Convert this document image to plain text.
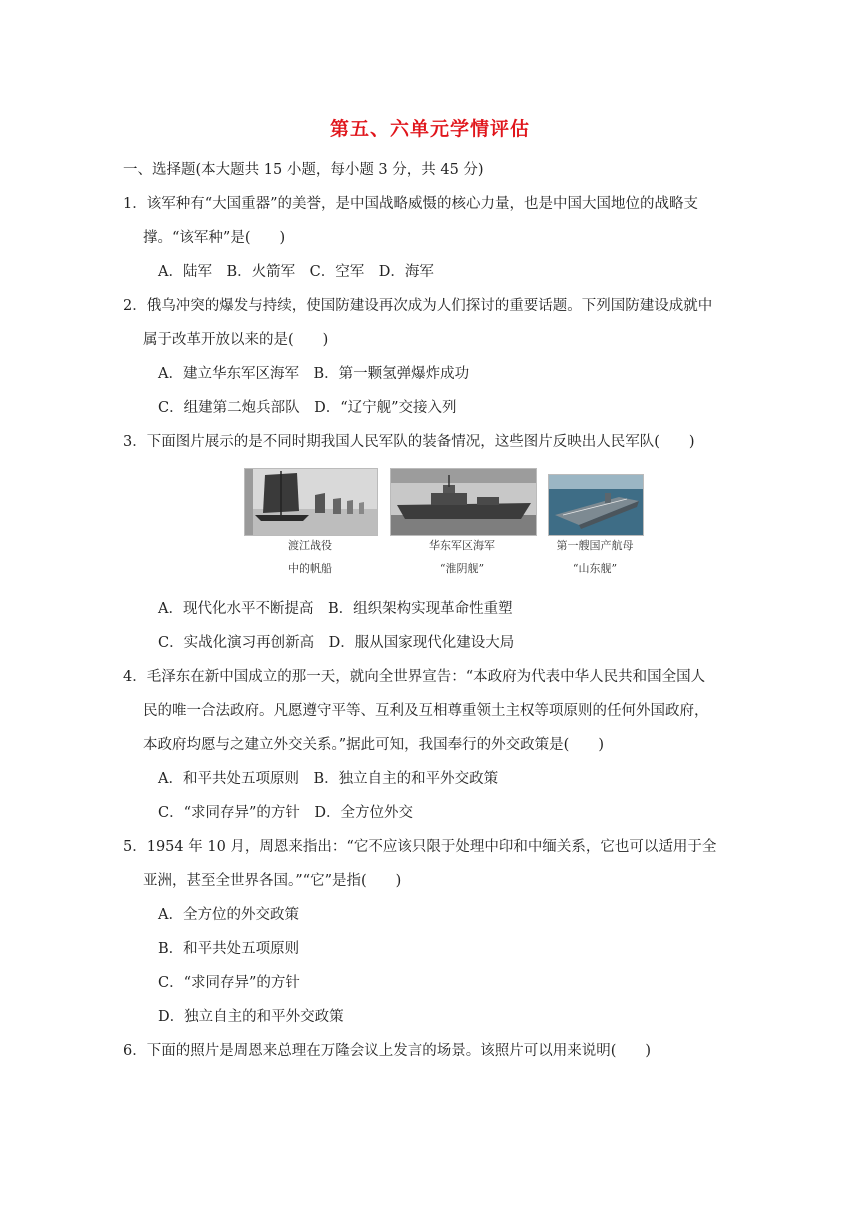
第五、六单元学情评估
一、选择题(本大题共 15 小题，每小题 3 分，共 45 分)
1．该军种有“大国重器”的美誉，是中国战略威慑的核心力量，也是中国大国地位的战略支
撑。“该军种”是(　　)
A．陆军　B．火箭军　C．空军　D．海军
2．俄乌冲突的爆发与持续，使国防建设再次成为人们探讨的重要话题。下列国防建设成就中
属于改革开放以来的是(　　)
A．建立华东军区海军　B．第一颗氢弹爆炸成功
C．组建第二炮兵部队　D．“辽宁舰”交接入列
3．下面图片展示的是不同时期我国人民军队的装备情况，这些图片反映出人民军队(　　)
渡江战役
中的帆船
华东军区海军
“淮阴舰”
第一艘国产航母
“山东舰”
A．现代化水平不断提高　B．组织架构实现革命性重塑
C．实战化演习再创新高　D．服从国家现代化建设大局
4．毛泽东在新中国成立的那一天，就向全世界宣告：“本政府为代表中华人民共和国全国人
民的唯一合法政府。凡愿遵守平等、互利及互相尊重领土主权等项原则的任何外国政府，
本政府均愿与之建立外交关系。”据此可知，我国奉行的外交政策是(　　)
A．和平共处五项原则　B．独立自主的和平外交政策
C．“求同存异”的方针　D．全方位外交
5．1954 年 10 月，周恩来指出：“它不应该只限于处理中印和中缅关系，它也可以适用于全
亚洲，甚至全世界各国。”“它”是指(　　)
A．全方位的外交政策
B．和平共处五项原则
C．“求同存异”的方针
D．独立自主的和平外交政策
6．下面的照片是周恩来总理在万隆会议上发言的场景。该照片可以用来说明(　　)
